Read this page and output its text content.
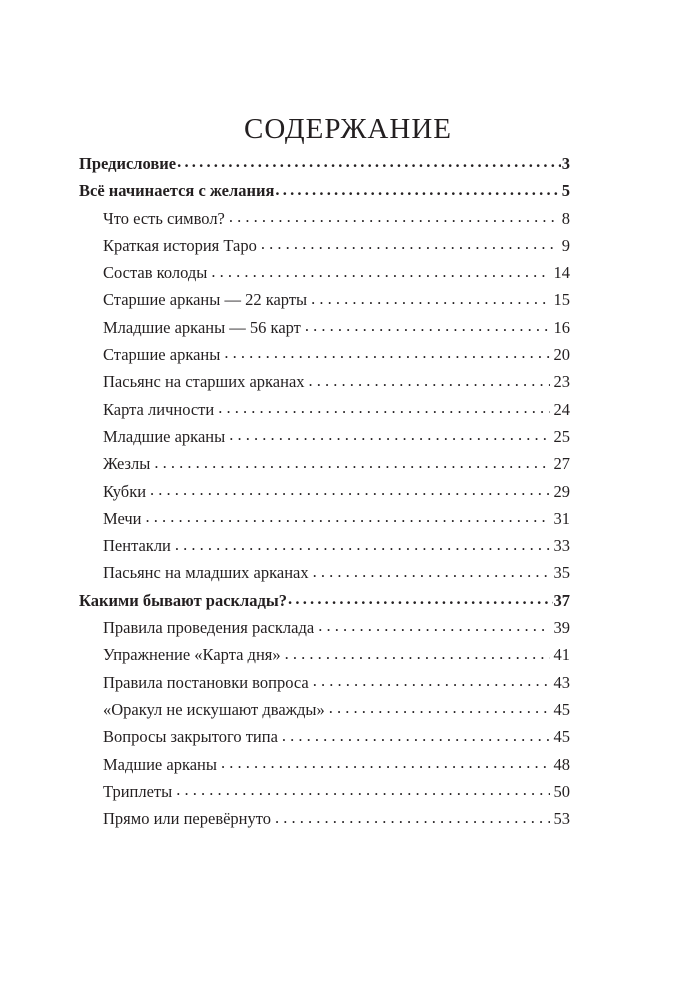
СОДЕРЖАНИЕ
Предисловие .....	3
Всё начинается с желания .....	5
Что есть символ? . . .	8
Краткая история Таро . . .	9
Состав колоды . . .	14
Старшие арканы — 22 карты . . .	15
Младшие арканы — 56 карт . . .	16
Старшие арканы . . .	20
Пасьянс на старших арканах . . .	23
Карта личности . . .	24
Младшие арканы . . .	25
Жезлы . . .	27
Кубки . . .	29
Мечи . . .	31
Пентакли . . .	33
Пасьянс на младших арканах . . .	35
Какими бывают расклады? .....	37
Правила проведения расклада . . .	39
Упражнение «Карта дня» . . .	41
Правила постановки вопроса . . .	43
«Оракул не искушают дважды» . . .	45
Вопросы закрытого типа . . .	45
Мадшие арканы . . .	48
Триплеты . . .	50
Прямо или перевёрнуто . . .	53
